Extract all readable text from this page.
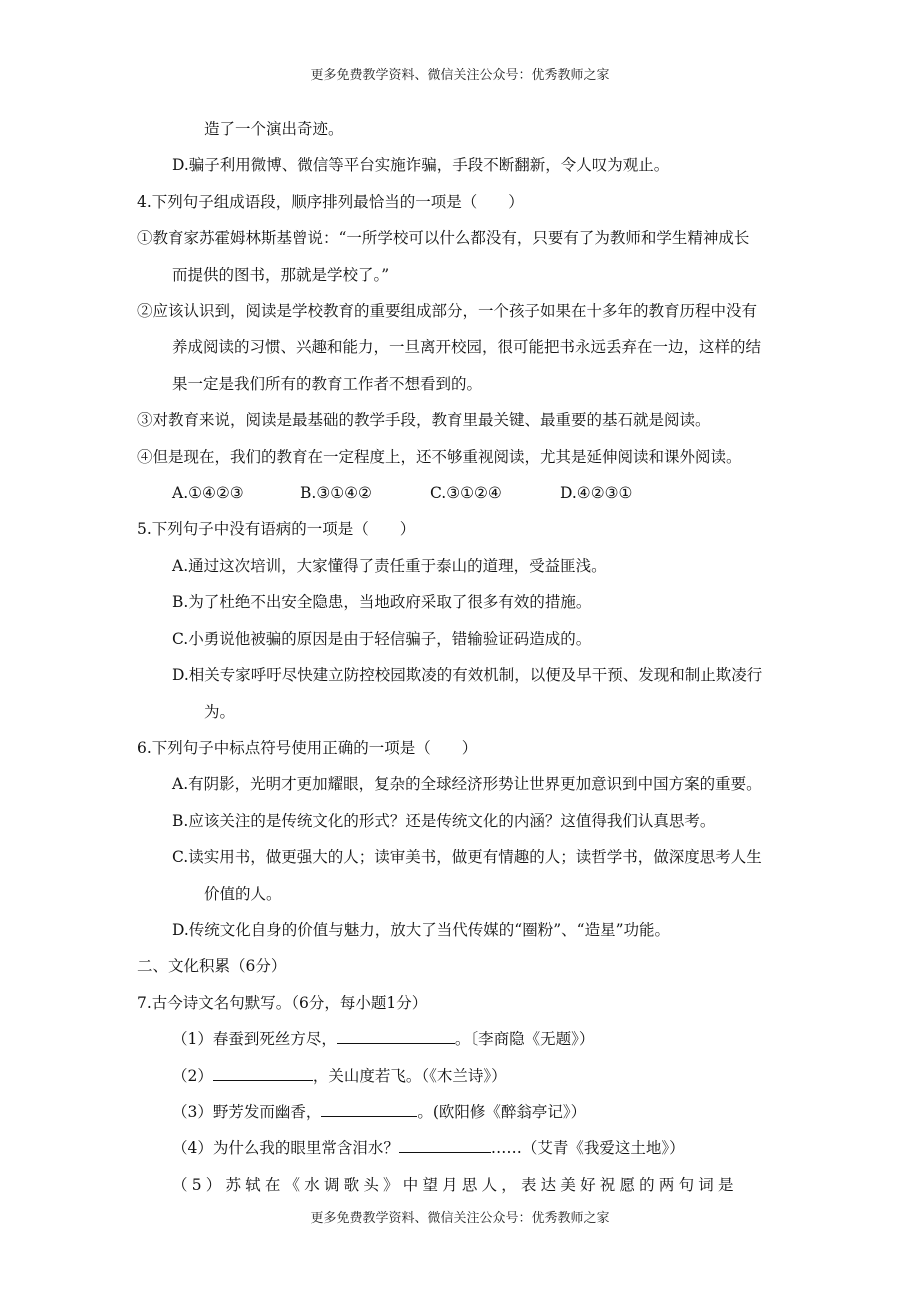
更多免费教学资料、微信关注公众号：优秀教师之家

造了一个演出奇迹。

D.骗子利用微博、微信等平台实施诈骗，手段不断翻新，令人叹为观止。

4.下列句子组成语段，顺序排列最恰当的一项是（　　）

①教育家苏霍姆林斯基曾说：“一所学校可以什么都没有，只要有了为教师和学生精神成长

而提供的图书，那就是学校了。”

②应该认识到，阅读是学校教育的重要组成部分，一个孩子如果在十多年的教育历程中没有

养成阅读的习惯、兴趣和能力，一旦离开校园，很可能把书永远丢弃在一边，这样的结

果一定是我们所有的教育工作者不想看到的。

③对教育来说，阅读是最基础的教学手段，教育里最关键、最重要的基石就是阅读。

④但是现在，我们的教育在一定程度上，还不够重视阅读，尤其是延伸阅读和课外阅读。

A.①④②③	B.③①④②	C.③①②④	D.④②③①

5.下列句子中没有语病的一项是（　　）

A.通过这次培训，大家懂得了责任重于泰山的道理，受益匪浅。

B.为了杜绝不出安全隐患，当地政府采取了很多有效的措施。

C.小勇说他被骗的原因是由于轻信骗子，错输验证码造成的。

D.相关专家呼吁尽快建立防控校园欺凌的有效机制，以便及早干预、发现和制止欺凌行

为。

6.下列句子中标点符号使用正确的一项是（　　）

A.有阴影，光明才更加耀眼，复杂的全球经济形势让世界更加意识到中国方案的重要。

B.应该关注的是传统文化的形式？还是传统文化的内涵？这值得我们认真思考。

C.读实用书，做更强大的人；读审美书，做更有情趣的人；读哲学书，做深度思考人生

价值的人。

D.传统文化自身的价值与魅力，放大了当代传媒的“圈粉”、“造星”功能。

二、文化积累（6分）

7.古今诗文名句默写。（6分，每小题1分）

（1）春蚕到死丝方尽，	。〔李商隐《无题》）

（2）	，关山度若飞。（《木兰诗》）

（3）野芳发而幽香，	。(欧阳修《醉翁亭记》）

（4）为什么我的眼里常含泪水？	……（艾青《我爱这土地》）

（5）苏轼在《水调歌头》中望月思人，表达美好祝愿的两句词是

更多免费教学资料、微信关注公众号：优秀教师之家
